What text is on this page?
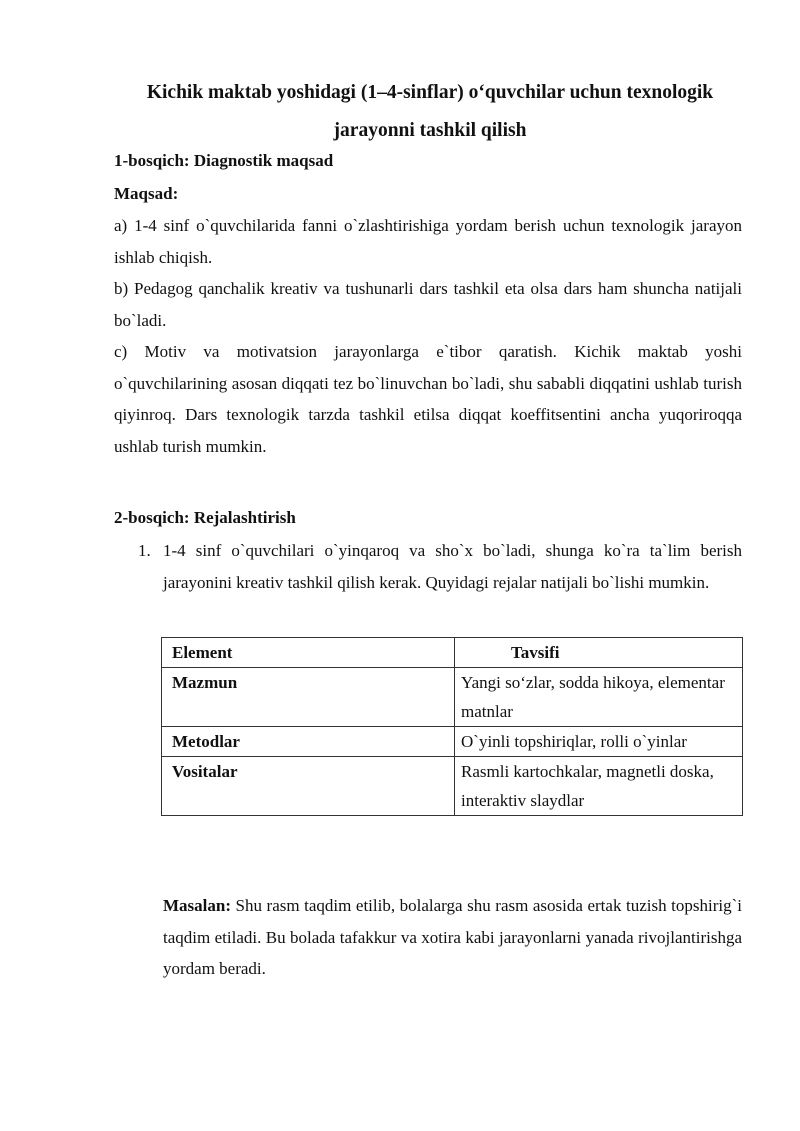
Kichik maktab yoshidagi (1–4-sinflar) o‘quvchilar uchun texnologik jarayonni tashkil qilish
1-bosqich: Diagnostik maqsad
Maqsad:
a) 1-4 sinf o`quvchilarida fanni o`zlashtirishiga yordam berish uchun texnologik jarayon ishlab chiqish.
b) Pedagog qanchalik kreativ va tushunarli dars tashkil eta olsa dars ham shuncha natijali bo`ladi.
c) Motiv va motivatsion jarayonlarga e`tibor qaratish. Kichik maktab yoshi o`quvchilarining asosan diqqati tez bo`linuvchan bo`ladi, shu sababli diqqatini ushlab turish qiyinroq. Dars texnologik tarzda tashkil etilsa diqqat koeffitsentini ancha yuqoriroqqa ushlab turish mumkin.
2-bosqich: Rejalashtirish
1. 1-4 sinf o`quvchilari o`yinqaroq va sho`x bo`ladi, shunga ko`ra ta`lim berish jarayonini kreativ tashkil qilish kerak. Quyidagi rejalar natijali bo`lishi mumkin.
Element	Tavsifi
Mazmun	Yangi so‘zlar, sodda hikoya, elementar matnlar
Metodlar	O`yinli topshiriqlar, rolli o`yinlar
Vositalar	Rasmli kartochkalar, magnetli doska, interaktiv slaydlar
Masalan: Shu rasm taqdim etilib, bolalarga shu rasm asosida ertak tuzish topshirig`i taqdim etiladi. Bu bolada tafakkur va xotira kabi jarayonlarni yanada rivojlantirishga yordam beradi.
